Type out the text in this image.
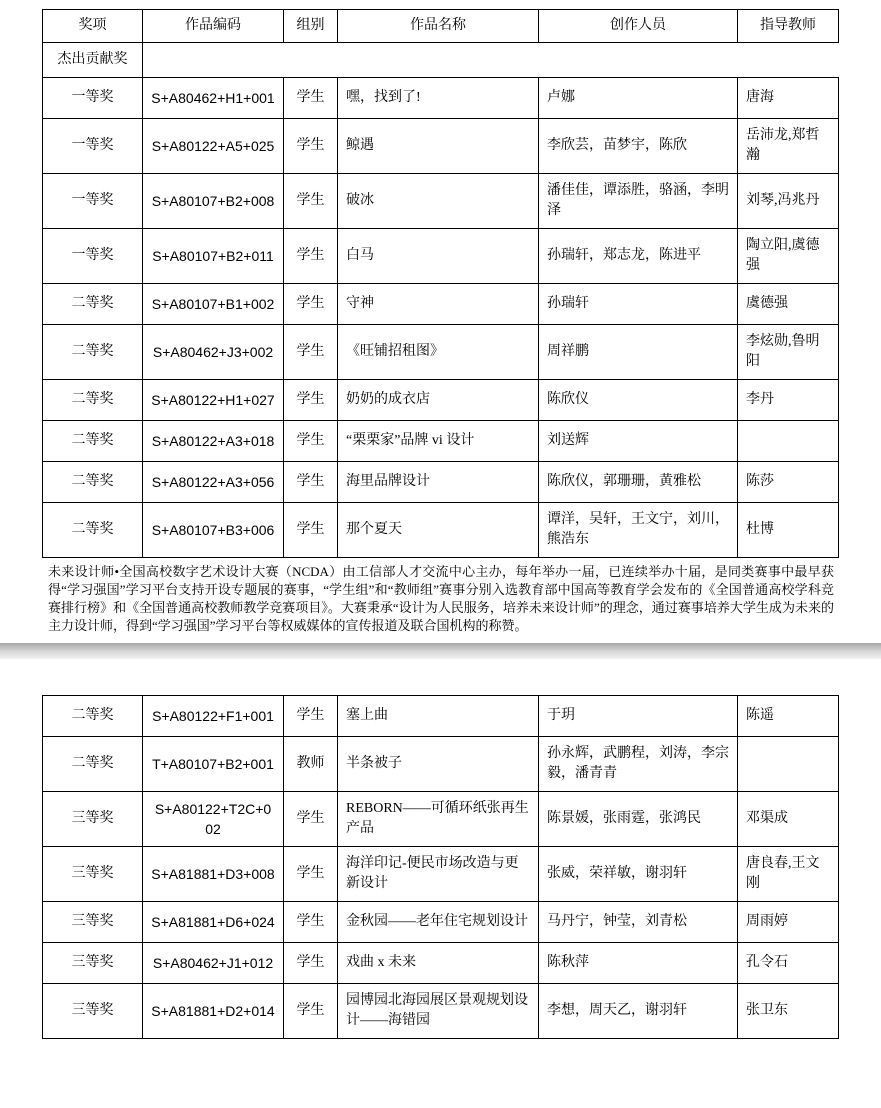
奖项	作品编码	组别	作品名称	创作人员	指导教师
杰出贡献奖					
一等奖	S+A80462+H1+001	学生	嘿，找到了!	卢娜	唐海
一等奖	S+A80122+A5+025	学生	鲸遇	李欣芸，苗梦宇，陈欣	岳沛龙,郑哲瀚
一等奖	S+A80107+B2+008	学生	破冰	潘佳佳，谭添胜，骆涵，李明泽	刘琴,冯兆丹
一等奖	S+A80107+B2+011	学生	白马	孙瑞轩，郑志龙，陈进平	陶立阳,虞德强
二等奖	S+A80107+B1+002	学生	守神	孙瑞轩	虞德强
二等奖	S+A80462+J3+002	学生	《旺铺招租图》	周祥鹏	李炫勋,鲁明阳
二等奖	S+A80122+H1+027	学生	奶奶的成衣店	陈欣仪	李丹
二等奖	S+A80122+A3+018	学生	“栗栗家”品牌 vi 设计	刘送辉	
二等奖	S+A80122+A3+056	学生	海里品牌设计	陈欣仪，郭珊珊，黄雅松	陈莎
二等奖	S+A80107+B3+006	学生	那个夏天	谭洋，吴轩，王文宁，刘川，熊浩东	杜博

未来设计师•全国高校数字艺术设计大赛（NCDA）由工信部人才交流中心主办，每年举办一届，已连续举办十届，是同类赛事中最早获得“学习强国”学习平台支持开设专题展的赛事，“学生组”和“教师组”赛事分别入选教育部中国高等教育学会发布的《全国普通高校学科竞赛排行榜》和《全国普通高校教师教学竞赛项目》。大赛秉承“设计为人民服务，培养未来设计师”的理念，通过赛事培养大学生成为未来的主力设计师，得到“学习强国”学习平台等权威媒体的宣传报道及联合国机构的称赞。

二等奖	S+A80122+F1+001	学生	塞上曲	于玥	陈遥
二等奖	T+A80107+B2+001	教师	半条被子	孙永辉，武鹏程，刘涛，李宗毅，潘青青	
三等奖	S+A80122+T2C+002	学生	REBORN——可循环纸张再生产品	陈景媛，张雨霆，张鸿民	邓渠成
三等奖	S+A81881+D3+008	学生	海洋印记-便民市场改造与更新设计	张威，荣祥敏，谢羽轩	唐良春,王文刚
三等奖	S+A81881+D6+024	学生	金秋园——老年住宅规划设计	马丹宁，钟莹，刘青松	周雨婷
三等奖	S+A80462+J1+012	学生	戏曲 x 未来	陈秋萍	孔令石
三等奖	S+A81881+D2+014	学生	园博园北海园展区景观规划设计——海错园	李想，周天乙，谢羽轩	张卫东
